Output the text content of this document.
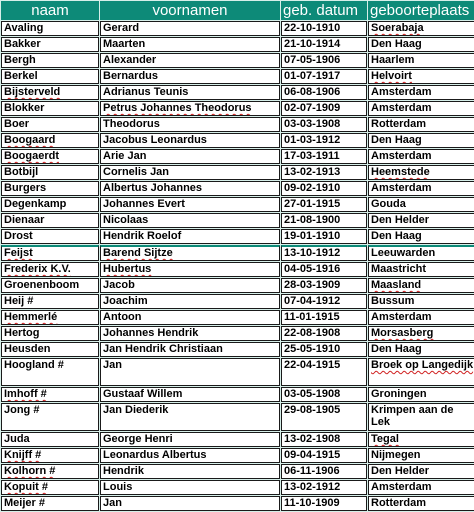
naam	voornamen	geb. datum	geboorteplaats
Avaling	Gerard	22-10-1910	Soerabaja
Bakker	Maarten	21-10-1914	Den Haag
Bergh	Alexander	07-05-1906	Haarlem
Berkel	Bernardus	01-07-1917	Helvoirt
Bijsterveld	Adrianus Teunis	06-08-1906	Amsterdam
Blokker	Petrus Johannes Theodorus	02-07-1909	Amsterdam
Boer	Theodorus	03-03-1908	Rotterdam
Boogaard	Jacobus Leonardus	01-03-1912	Den Haag
Boogaerdt	Arie Jan	17-03-1911	Amsterdam
Botbijl	Cornelis Jan	13-02-1913	Heemstede
Burgers	Albertus Johannes	09-02-1910	Amsterdam
Degenkamp	Johannes Evert	27-01-1915	Gouda
Dienaar	Nicolaas	21-08-1900	Den Helder
Drost	Hendrik Roelof	19-01-1910	Den Haag
Feijst	Barend Sijtze	13-10-1912	Leeuwarden
Frederix K.V.	Hubertus	04-05-1916	Maastricht
Groenenboom	Jacob	28-03-1909	Maasland
Heij #	Joachim	07-04-1912	Bussum
Hemmerlé	Antoon	11-01-1915	Amsterdam
Hertog	Johannes Hendrik	22-08-1908	Morsasberg
Heusden	Jan Hendrik Christiaan	25-05-1910	Den Haag
Hoogland #	Jan	22-04-1915	Broek op Langedijk
Imhoff #	Gustaaf Willem	03-05-1908	Groningen
Jong #	Jan Diederik	29-08-1905	Krimpen aan de Lek
Juda	George Henri	13-02-1908	Tegal
Knijff #	Leonardus Albertus	09-04-1915	Nijmegen
Kolhorn #	Hendrik	06-11-1906	Den Helder
Kopuit #	Louis	13-02-1912	Amsterdam
Meijer #	Jan	11-10-1909	Rotterdam
